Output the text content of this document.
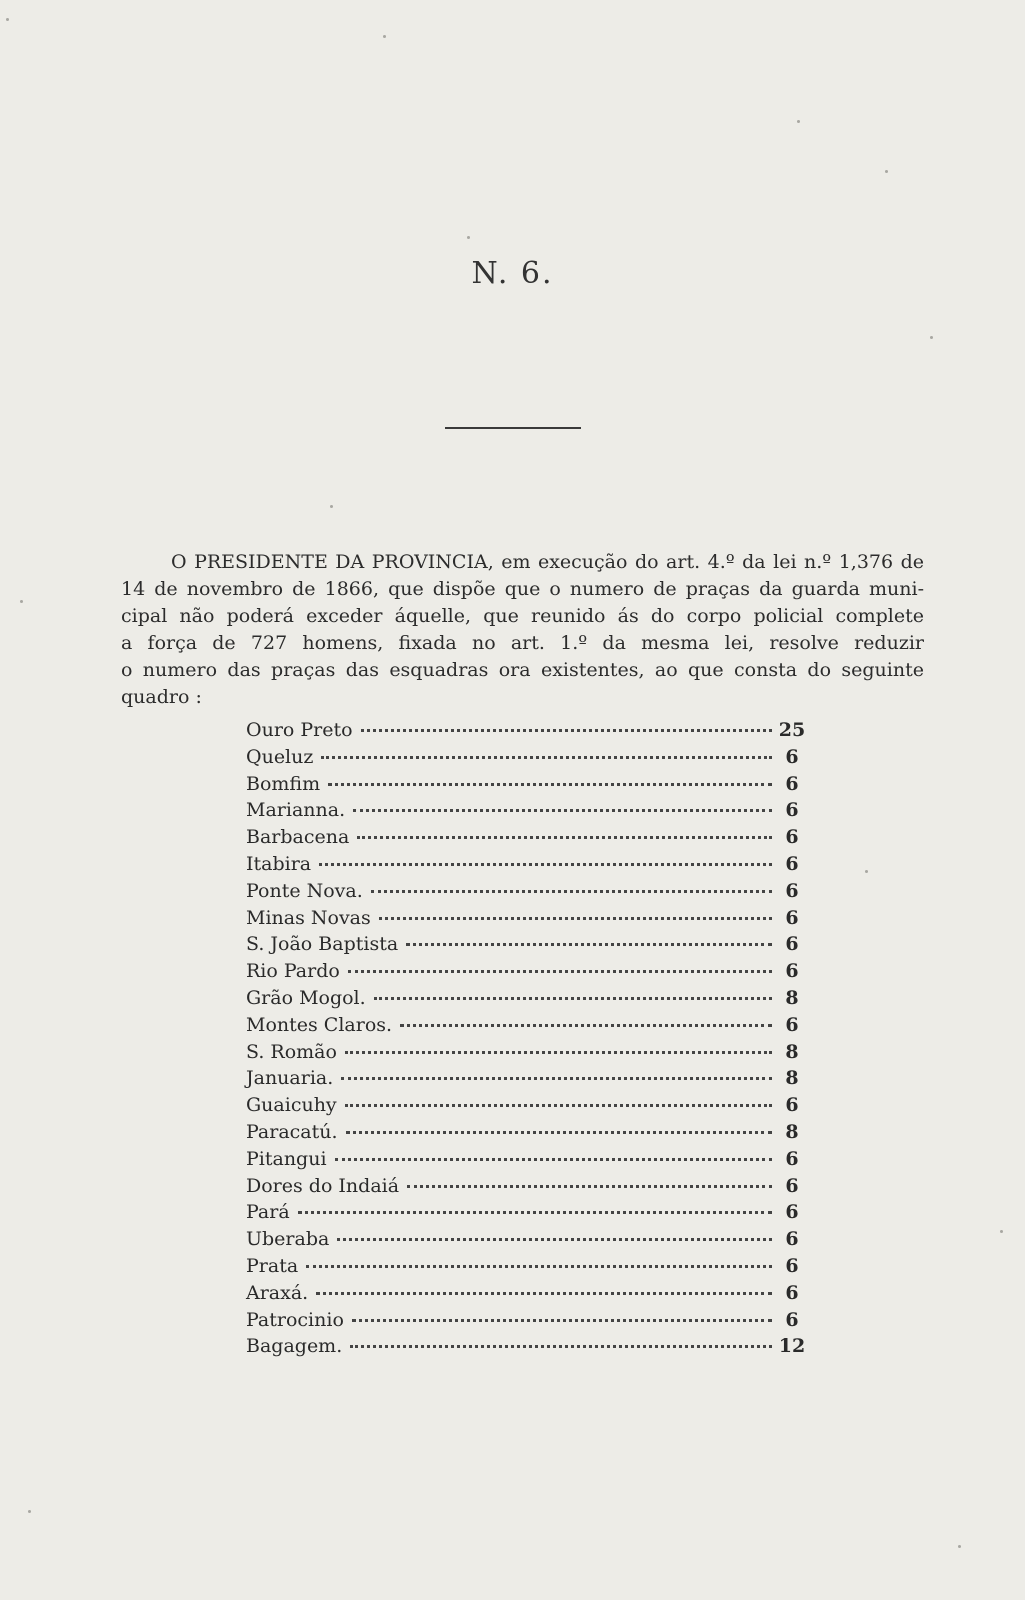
N. 6.
O PRESIDENTE DA PROVINCIA, em execução do art. 4.º da lei n.º 1,376 de
14 de novembro de 1866, que dispõe que o numero de praças da guarda muni-
cipal não poderá exceder áquelle, que reunido ás do corpo policial complete
a força de 727 homens, fixada no art. 1.º da mesma lei, resolve reduzir
o numero das praças das esquadras ora existentes, ao que consta do seguinte
quadro :
Ouro Preto	25
Queluz	6
Bomfim	6
Marianna.	6
Barbacena	6
Itabira	6
Ponte Nova.	6
Minas Novas	6
S. João Baptista	6
Rio Pardo	6
Grão Mogol.	8
Montes Claros.	6
S. Romão	8
Januaria.	8
Guaicuhy	6
Paracatú.	8
Pitangui	6
Dores do Indaiá	6
Pará	6
Uberaba	6
Prata	6
Araxá.	6
Patrocinio	6
Bagagem.	12
